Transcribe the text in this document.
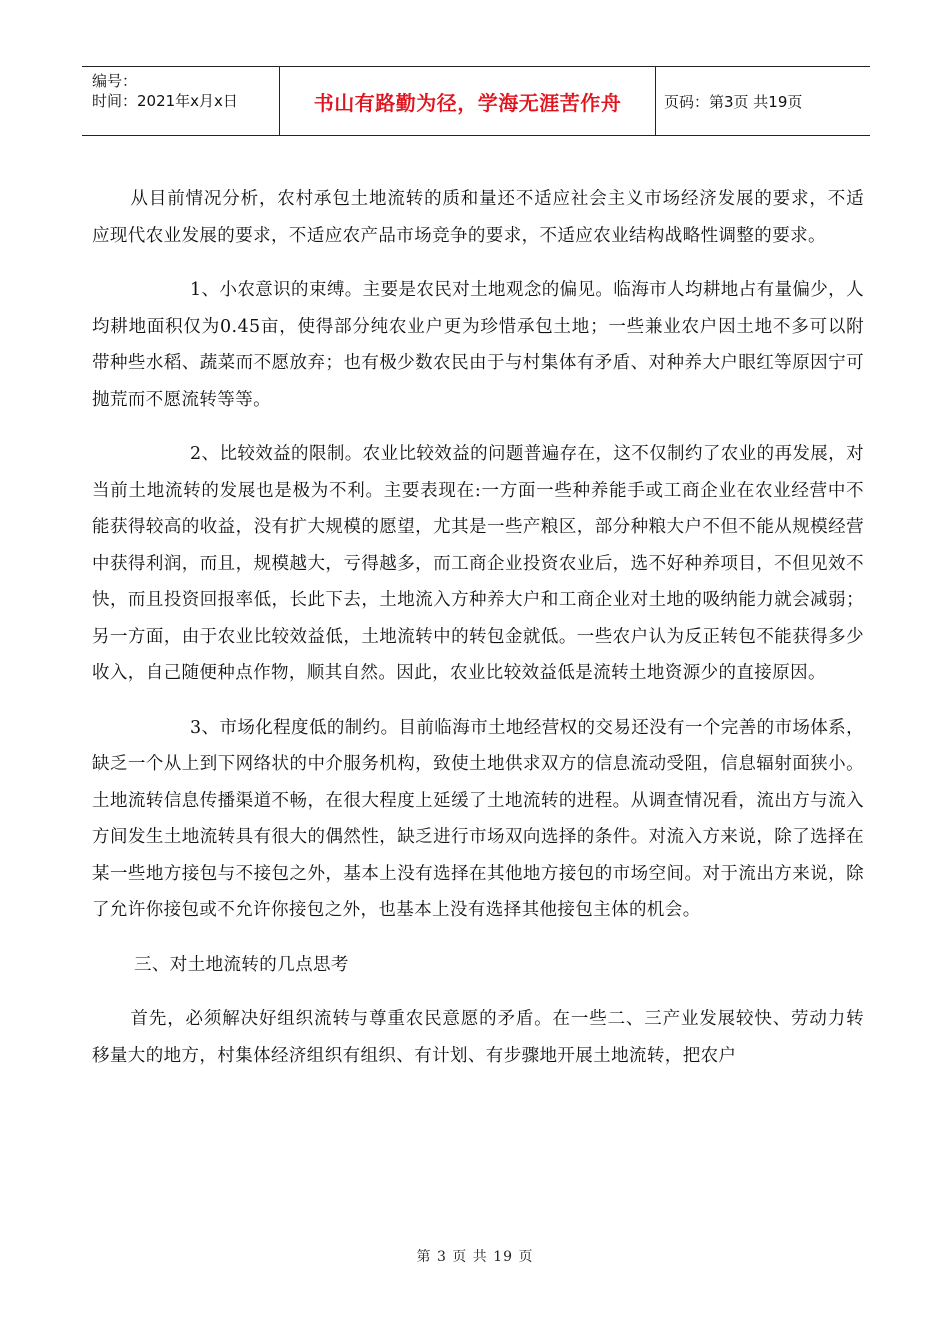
编号：
时间：2021年x月x日	书山有路勤为径，学海无涯苦作舟	页码：第3页 共19页

从目前情况分析，农村承包土地流转的质和量还不适应社会主义市场经济发展的要求，不适应现代农业发展的要求，不适应农产品市场竞争的要求，不适应农业结构战略性调整的要求。

1、小农意识的束缚。主要是农民对土地观念的偏见。临海市人均耕地占有量偏少，人均耕地面积仅为0.45亩，使得部分纯农业户更为珍惜承包土地；一些兼业农户因土地不多可以附带种些水稻、蔬菜而不愿放弃；也有极少数农民由于与村集体有矛盾、对种养大户眼红等原因宁可抛荒而不愿流转等等。

2、比较效益的限制。农业比较效益的问题普遍存在，这不仅制约了农业的再发展，对当前土地流转的发展也是极为不利。主要表现在:一方面一些种养能手或工商企业在农业经营中不能获得较高的收益，没有扩大规模的愿望，尤其是一些产粮区，部分种粮大户不但不能从规模经营中获得利润，而且，规模越大，亏得越多，而工商企业投资农业后，选不好种养项目，不但见效不快，而且投资回报率低，长此下去，土地流入方种养大户和工商企业对土地的吸纳能力就会减弱；另一方面，由于农业比较效益低，土地流转中的转包金就低。一些农户认为反正转包不能获得多少收入，自己随便种点作物，顺其自然。因此，农业比较效益低是流转土地资源少的直接原因。

3、市场化程度低的制约。目前临海市土地经营权的交易还没有一个完善的市场体系，缺乏一个从上到下网络状的中介服务机构，致使土地供求双方的信息流动受阻，信息辐射面狭小。土地流转信息传播渠道不畅，在很大程度上延缓了土地流转的进程。从调查情况看，流出方与流入方间发生土地流转具有很大的偶然性，缺乏进行市场双向选择的条件。对流入方来说，除了选择在某一些地方接包与不接包之外，基本上没有选择在其他地方接包的市场空间。对于流出方来说，除了允许你接包或不允许你接包之外，也基本上没有选择其他接包主体的机会。

三、对土地流转的几点思考

首先，必须解决好组织流转与尊重农民意愿的矛盾。在一些二、三产业发展较快、劳动力转移量大的地方，村集体经济组织有组织、有计划、有步骤地开展土地流转，把农户

第 3 页 共 19 页
